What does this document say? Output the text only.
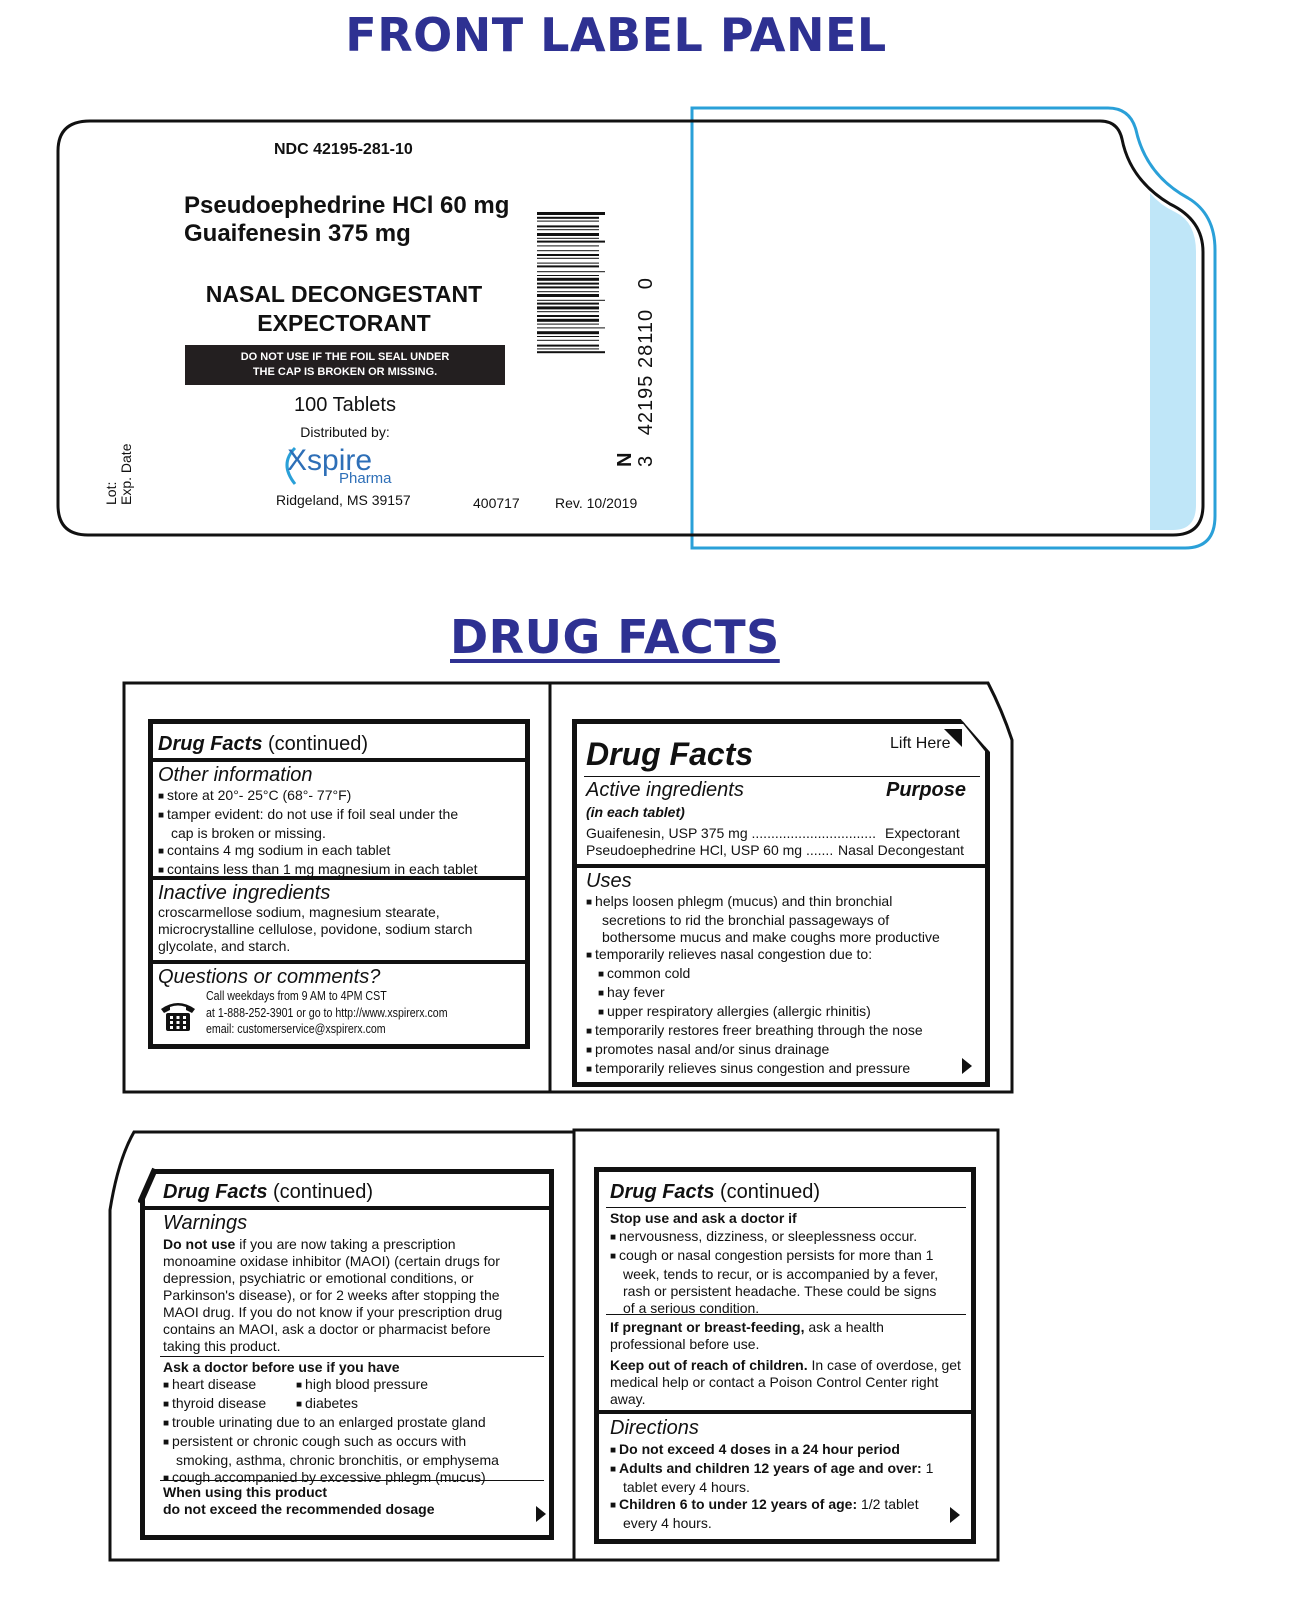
FRONT LABEL PANEL
NDC 42195-281-10
Pseudoephedrine HCl 60 mg
Guaifenesin 375 mg
NASAL DECONGESTANT
EXPECTORANT
DO NOT USE IF THE FOIL SEAL UNDER
THE CAP IS BROKEN OR MISSING.
100 Tablets
Distributed by:
Xspire
Pharma
Ridgeland, MS 39157	400717	Rev. 10/2019
Lot: Exp. Date
3   42195 28110   0
N
DRUG FACTS
Drug Facts	Lift Here
Active ingredients	Purpose
(in each tablet)
Guaifenesin, USP 375 mg ................................ Expectorant
Pseudoephedrine HCl, USP 60 mg ....... Nasal Decongestant
Uses
■ helps loosen phlegm (mucus) and thin bronchial
secretions to rid the bronchial passageways of
bothersome mucus and make coughs more productive
■ temporarily relieves nasal congestion due to:
■ common cold
■ hay fever
■ upper respiratory allergies (allergic rhinitis)
■ temporarily restores freer breathing through the nose
■ promotes nasal and/or sinus drainage
■ temporarily relieves sinus congestion and pressure
Drug Facts (continued)
Other information
■ store at 20°- 25°C (68°- 77°F)
■ tamper evident: do not use if foil seal under the
cap is broken or missing.
■ contains 4 mg sodium in each tablet
■ contains less than 1 mg magnesium in each tablet
Inactive ingredients
croscarmellose sodium, magnesium stearate,
microcrystalline cellulose, povidone, sodium starch
glycolate, and starch.
Questions or comments?
Call weekdays from 9 AM to 4PM CST
at 1-888-252-3901 or go to http://www.xspirerx.com
email: customerservice@xspirerx.com
Drug Facts (continued)
Warnings
Do not use if you are now taking a prescription
monoamine oxidase inhibitor (MAOI) (certain drugs for
depression, psychiatric or emotional conditions, or
Parkinson's disease), or for 2 weeks after stopping the
MAOI drug. If you do not know if your prescription drug
contains an MAOI, ask a doctor or pharmacist before
taking this product.
Ask a doctor before use if you have
■ heart disease	■ high blood pressure
■ thyroid disease	■ diabetes
■ trouble urinating due to an enlarged prostate gland
■ persistent or chronic cough such as occurs with
smoking, asthma, chronic bronchitis, or emphysema
■ cough accompanied by excessive phlegm (mucus)
When using this product
do not exceed the recommended dosage
Drug Facts (continued)
Stop use and ask a doctor if
■ nervousness, dizziness, or sleeplessness occur.
■ cough or nasal congestion persists for more than 1
week, tends to recur, or is accompanied by a fever,
rash or persistent headache. These could be signs
of a serious condition.
If pregnant or breast-feeding, ask a health
professional before use.
Keep out of reach of children. In case of overdose, get
medical help or contact a Poison Control Center right
away.
Directions
■ Do not exceed 4 doses in a 24 hour period
■ Adults and children 12 years of age and over: 1
tablet every 4 hours.
■ Children 6 to under 12 years of age: 1/2 tablet
every 4 hours.
